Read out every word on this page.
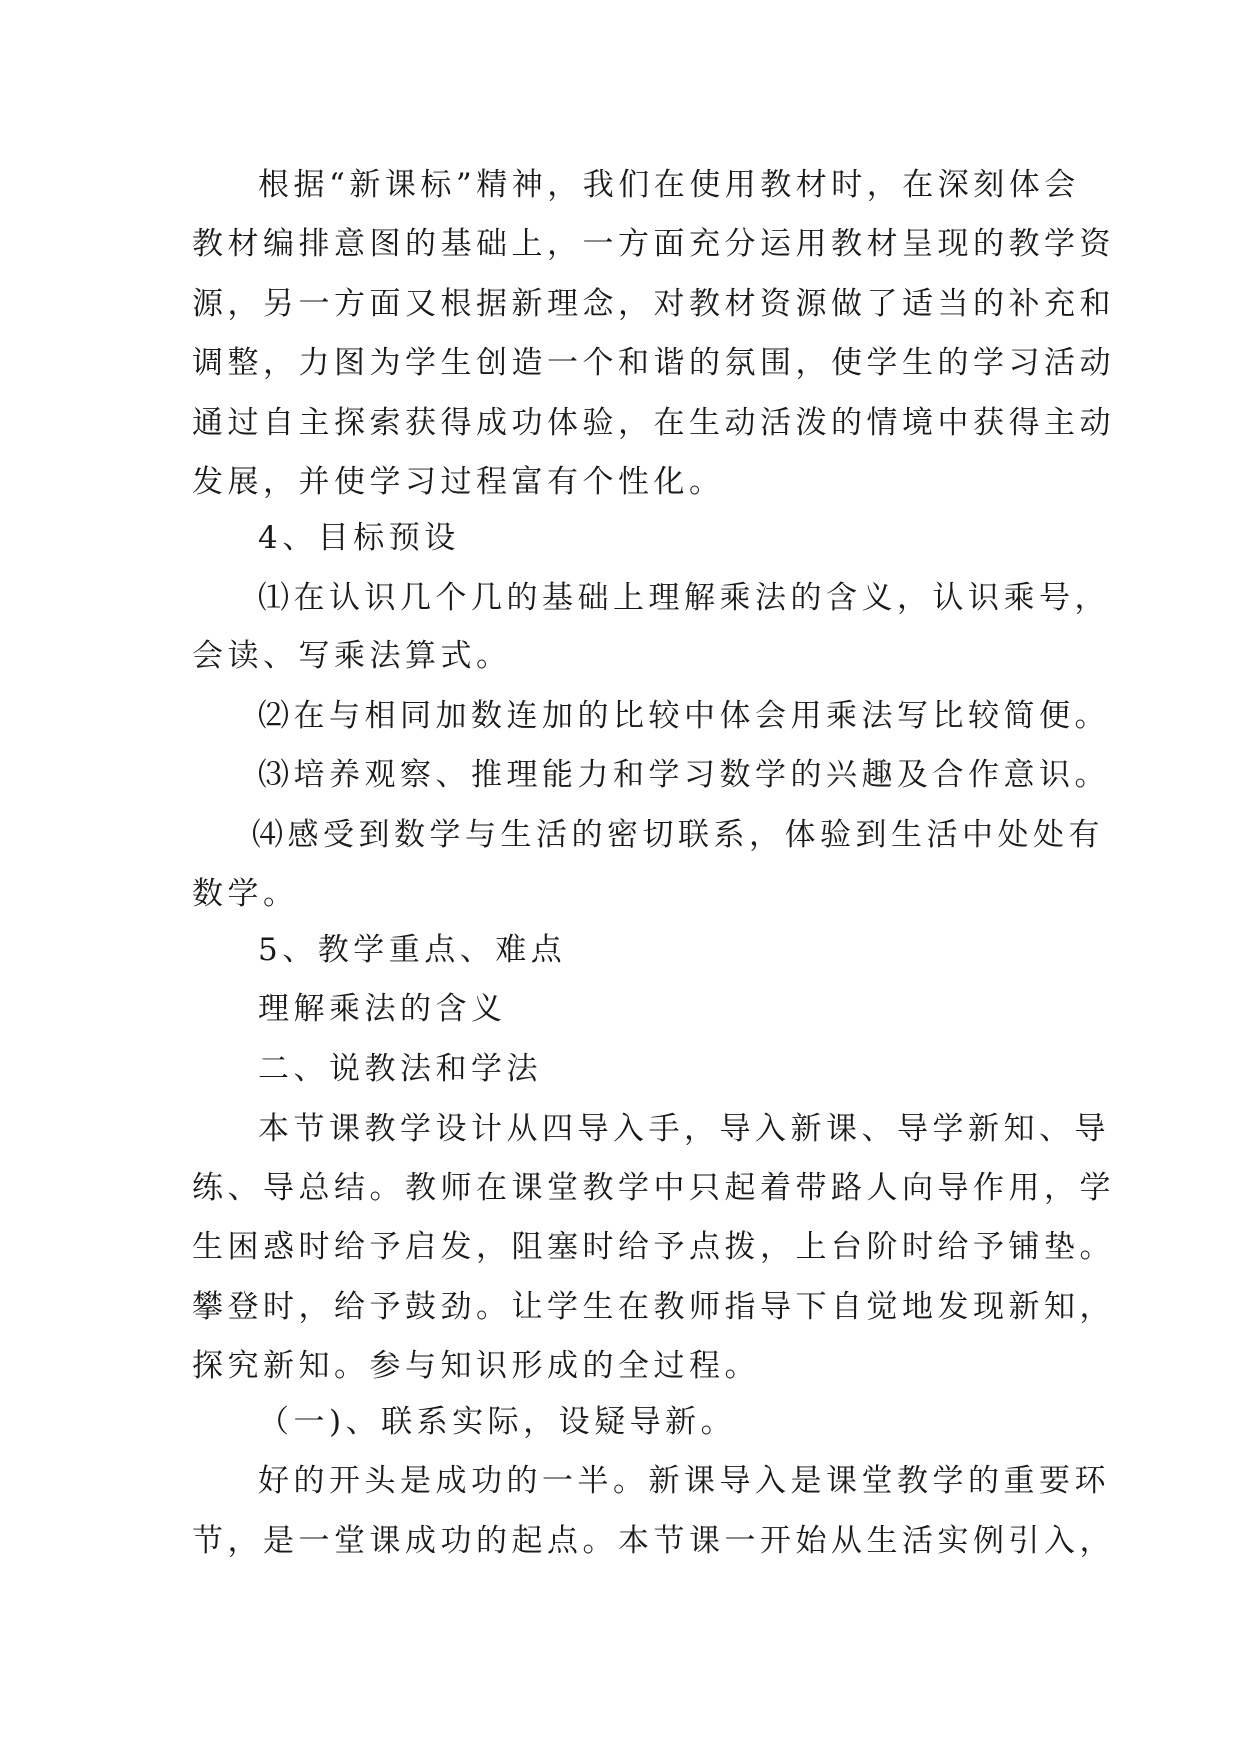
根据“新课标”精神，我们在使用教材时，在深刻体会

教材编排意图的基础上，一方面充分运用教材呈现的教学资

源，另一方面又根据新理念，对教材资源做了适当的补充和

调整，力图为学生创造一个和谐的氛围，使学生的学习活动

通过自主探索获得成功体验，在生动活泼的情境中获得主动

发展，并使学习过程富有个性化。

4、目标预设

⑴在认识几个几的基础上理解乘法的含义，认识乘号，

会读、写乘法算式。

⑵在与相同加数连加的比较中体会用乘法写比较简便。

⑶培养观察、推理能力和学习数学的兴趣及合作意识。

⑷感受到数学与生活的密切联系，体验到生活中处处有

数学。

5、教学重点、难点

理解乘法的含义

二、说教法和学法

本节课教学设计从四导入手，导入新课、导学新知、导

练、导总结。教师在课堂教学中只起着带路人向导作用，学

生困惑时给予启发，阻塞时给予点拨，上台阶时给予铺垫。

攀登时，给予鼓劲。让学生在教师指导下自觉地发现新知，

探究新知。参与知识形成的全过程。

（一)、联系实际，设疑导新。

好的开头是成功的一半。新课导入是课堂教学的重要环

节，是一堂课成功的起点。本节课一开始从生活实例引入，
